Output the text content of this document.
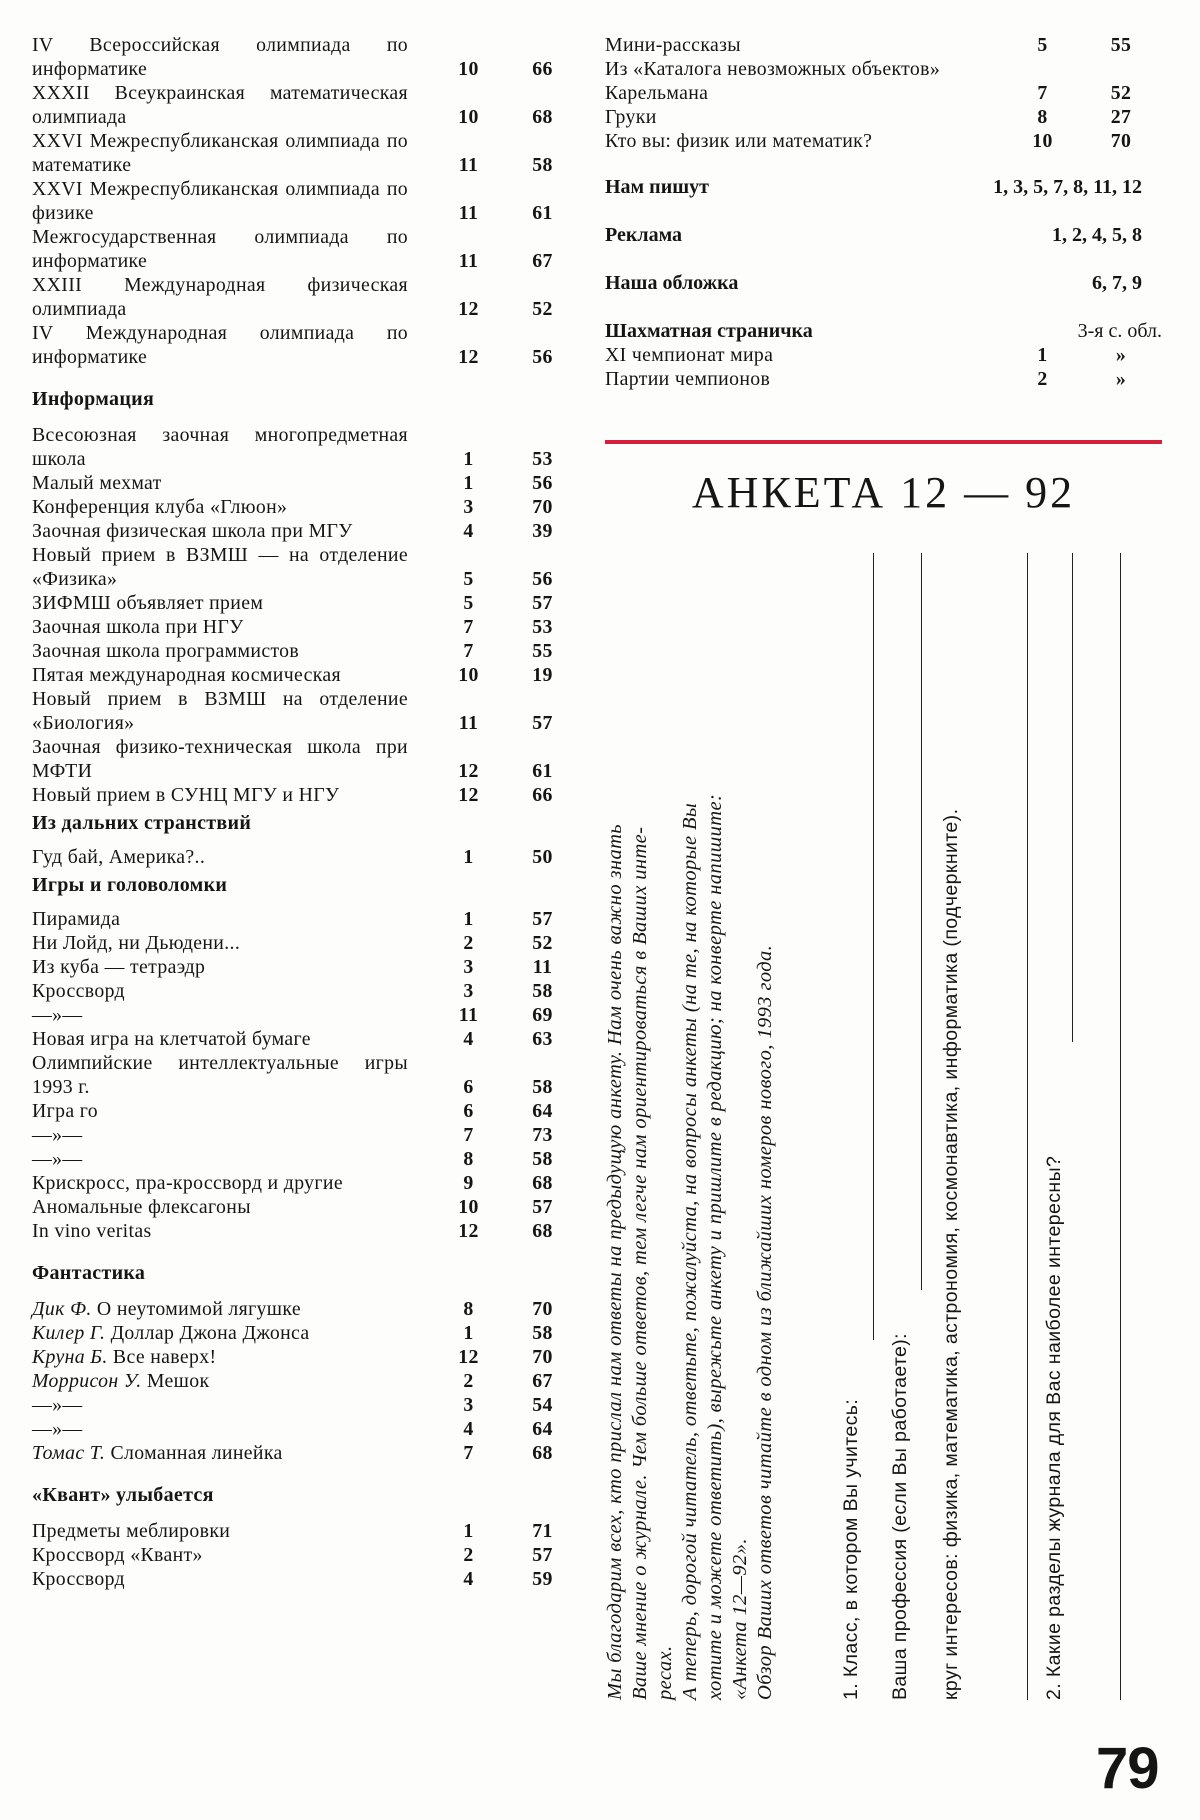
IV Всероссийская олимпиада по информатике	10	66
XXXII Всеукраинская математическая олимпиада	10	68
XXVI Межреспубликанская олимпиада по математике	11	58
XXVI Межреспубликанская олимпиада по физике	11	61
Межгосударственная олимпиада по информатике	11	67
XXIII Международная физическая олимпиада	12	52
IV Международная олимпиада по информатике	12	56
Информация
Всесоюзная заочная многопредметная школа	1	53
Малый мехмат	1	56
Конференция клуба «Глюон»	3	70
Заочная физическая школа при МГУ	4	39
Новый прием в ВЗМШ — на отделение «Физика»	5	56
ЗИФМШ объявляет прием	5	57
Заочная школа при НГУ	7	53
Заочная школа программистов	7	55
Пятая международная космическая	10	19
Новый прием в ВЗМШ на отделение «Биология»	11	57
Заочная физико-техническая школа при МФТИ	12	61
Новый прием в СУНЦ МГУ и НГУ	12	66
Из дальних странствий
Гуд бай, Америка?..	1	50
Игры и головоломки
Пирамида	1	57
Ни Лойд, ни Дьюдени...	2	52
Из куба — тетраэдр	3	11
Кроссворд	3	58
—»—	11	69
Новая игра на клетчатой бумаге	4	63
Олимпийские интеллектуальные игры 1993 г.	6	58
Игра го	6	64
—»—	7	73
—»—	8	58
Крискросс, пра-кроссворд и другие	9	68
Аномальные флексагоны	10	57
In vino veritas	12	68
Фантастика
Дик Ф. О неутомимой лягушке	8	70
Килер Г. Доллар Джона Джонса	1	58
Круна Б. Все наверх!	12	70
Моррисон У. Мешок	2	67
—»—	3	54
—»—	4	64
Томас Т. Сломанная линейка	7	68
«Квант» улыбается
Предметы меблировки	1	71
Кроссворд «Квант»	2	57
Кроссворд	4	59
Мини-рассказы	5	55
Из «Каталога невозможных объектов» Карельмана	7	52
Груки	8	27
Кто вы: физик или математик?	10	70
Нам пишут	1, 3, 5, 7, 8, 11, 12
Реклама	1, 2, 4, 5, 8
Наша обложка	6, 7, 9
Шахматная страничка	3-я с. обл.
XI чемпионат мира	1	»
Партии чемпионов	2	»
АНКЕТА 12 — 92
Мы благодарим всех, кто прислал нам ответы на предыдущую анкету. Нам очень важно знать Ваше мнение о журнале. Чем больше ответов, тем легче нам ориентироваться в Ваших инте- ресах. А теперь, дорогой читатель, ответьте, пожалуйста, на вопросы анкеты (на те, на которые Вы хотите и можете ответить), вырежьте анкету и пришлите в редакцию; на конверте напишите: «Анкета 12—92». Обзор Ваших ответов читайте в одном из ближайших номеров нового, 1993 года.	1. Класс, в котором Вы учитесь: Ваша профессия (если Вы работаете): круг интересов: физика, математика, астрономия, космонавтика, информатика (подчеркните).	2. Какие разделы журнала для Вас наиболее интересны?
79
